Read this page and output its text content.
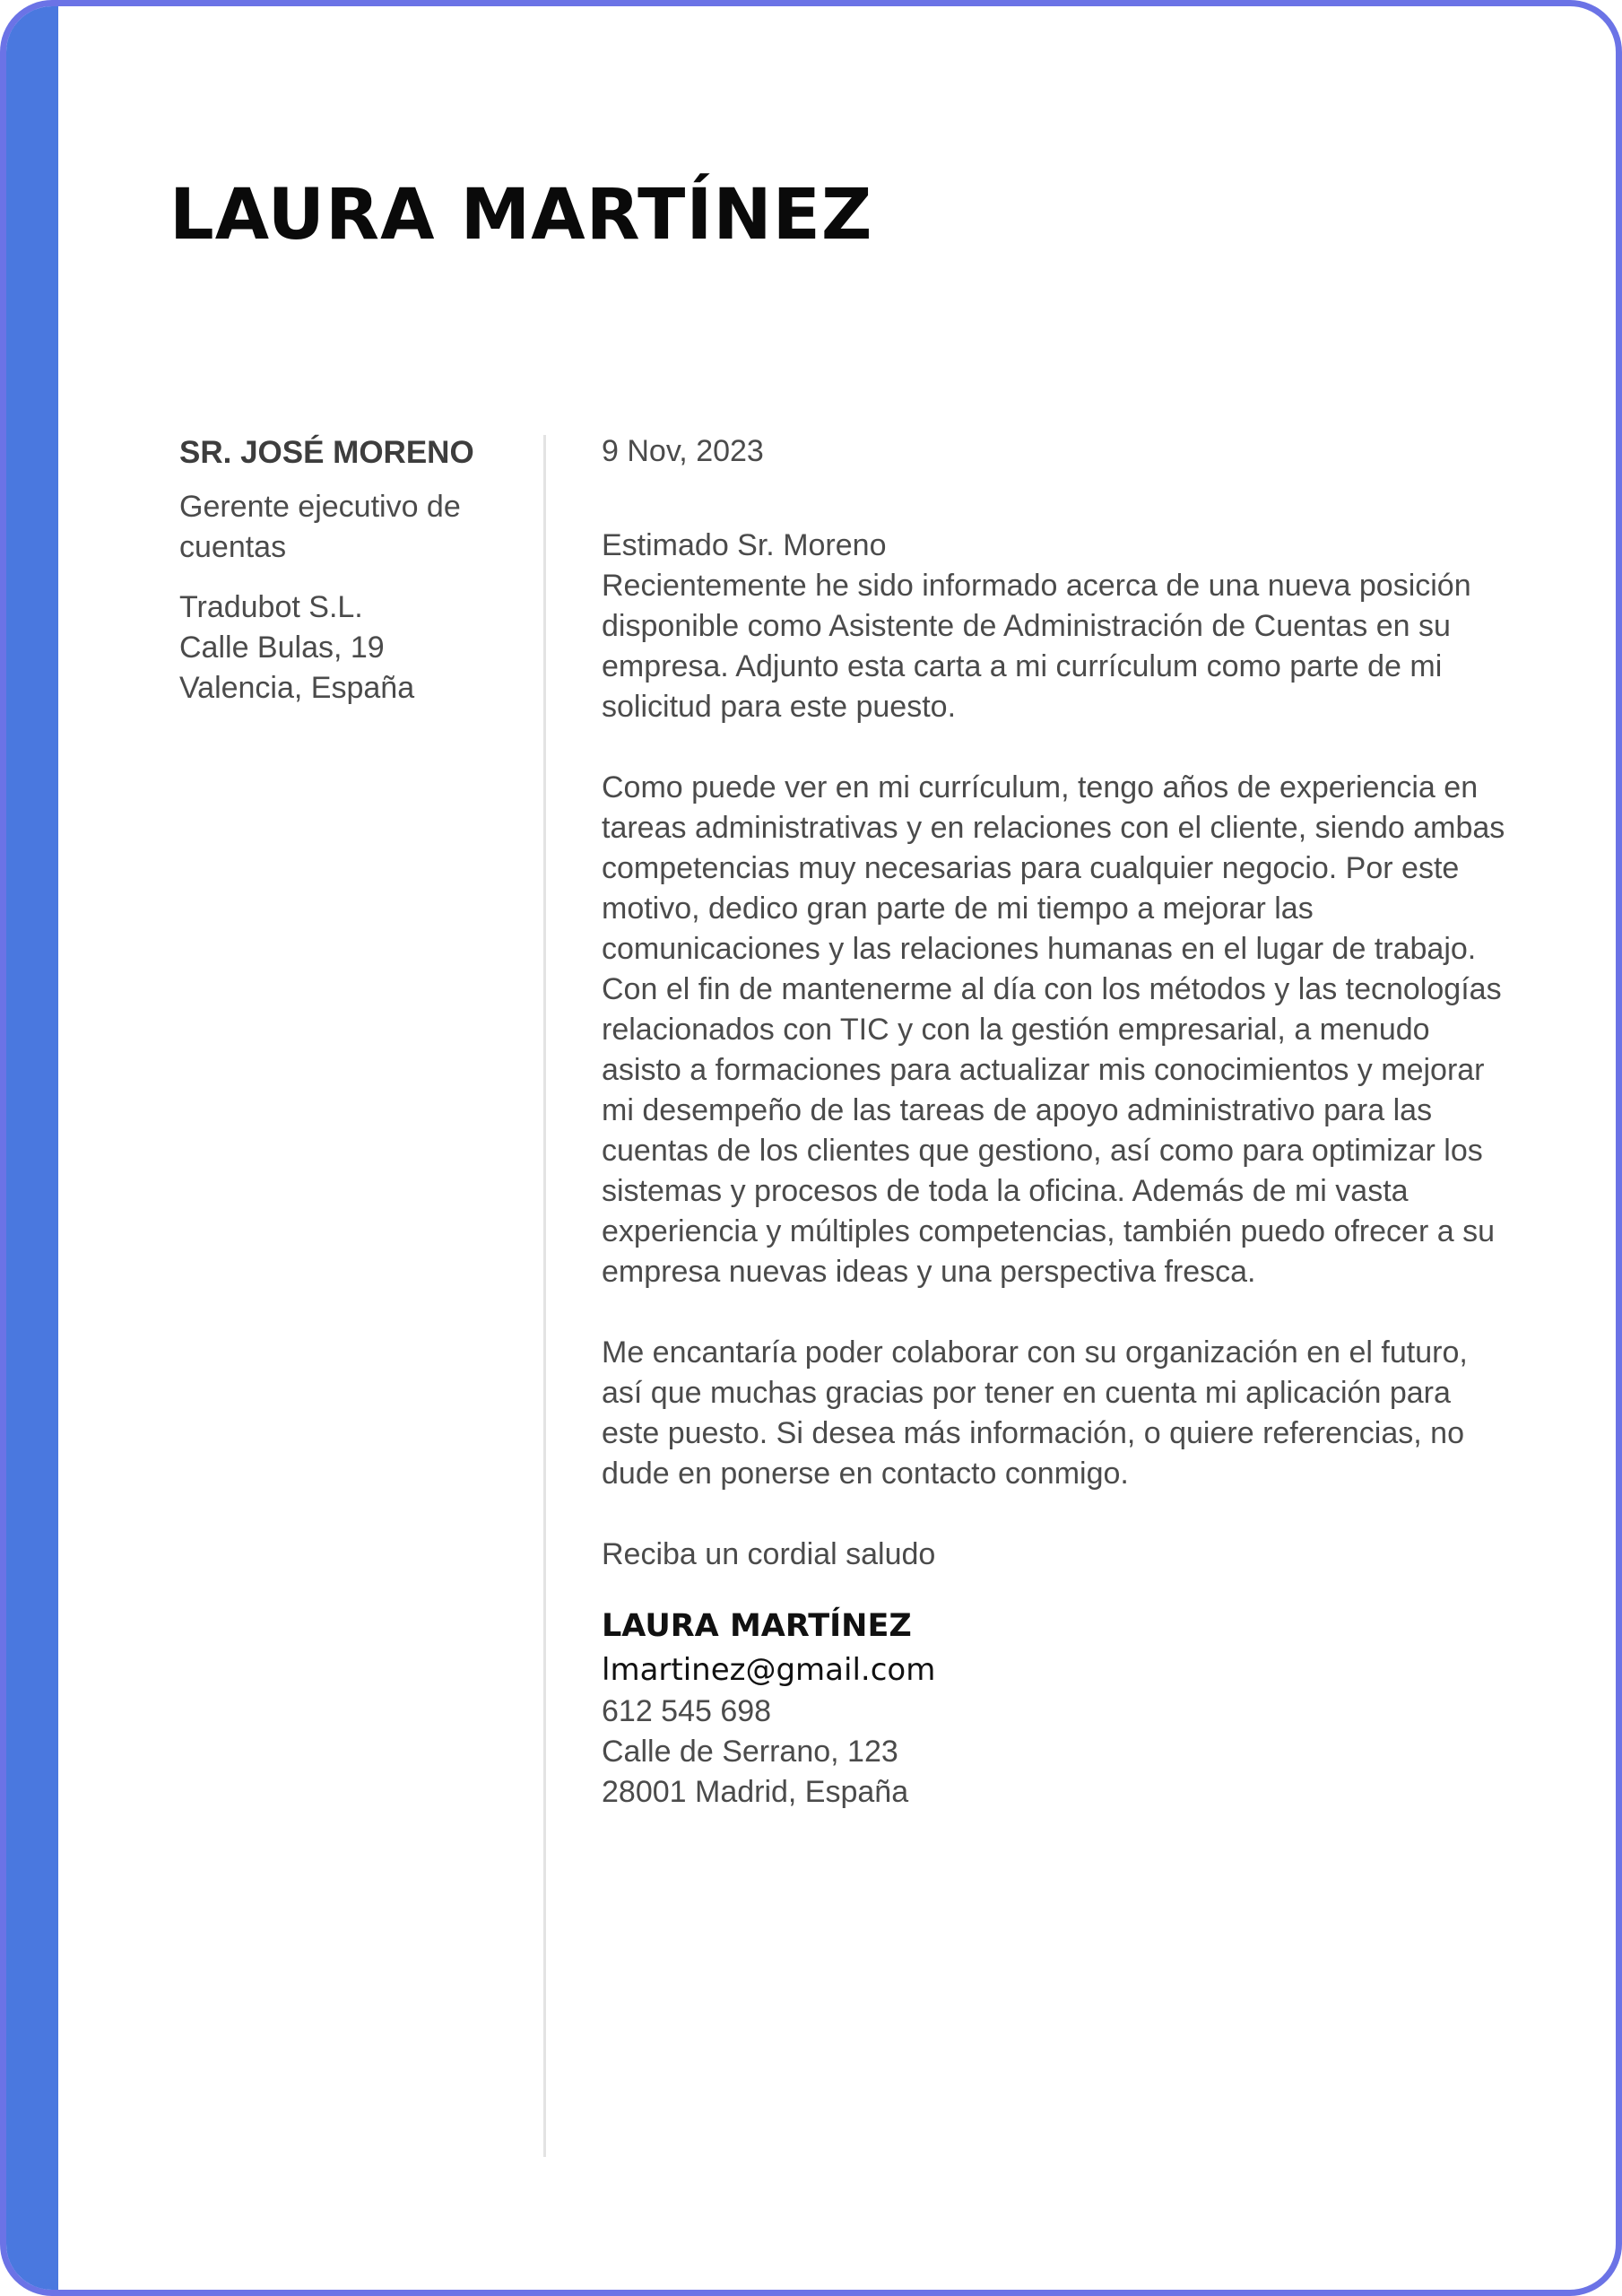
LAURA MARTÍNEZ
SR. JOSÉ MORENO
Gerente ejecutivo de cuentas
Tradubot S.L.
Calle Bulas, 19
Valencia, España

9 Nov, 2023

Estimado Sr. Moreno

Recientemente he sido informado acerca de una nueva posición disponible como Asistente de Administración de Cuentas en su empresa. Adjunto esta carta a mi currículum como parte de mi solicitud para este puesto.

Como puede ver en mi currículum, tengo años de experiencia en tareas administrativas y en relaciones con el cliente, siendo ambas competencias muy necesarias para cualquier negocio. Por este motivo, dedico gran parte de mi tiempo a mejorar las comunicaciones y las relaciones humanas en el lugar de trabajo. Con el fin de mantenerme al día con los métodos y las tecnologías relacionados con TIC y con la gestión empresarial, a menudo asisto a formaciones para actualizar mis conocimientos y mejorar mi desempeño de las tareas de apoyo administrativo para las cuentas de los clientes que gestiono, así como para optimizar los sistemas y procesos de toda la oficina. Además de mi vasta experiencia y múltiples competencias, también puedo ofrecer a su empresa nuevas ideas y una perspectiva fresca.

Me encantaría poder colaborar con su organización en el futuro, así que muchas gracias por tener en cuenta mi aplicación para este puesto. Si desea más información, o quiere referencias, no dude en ponerse en contacto conmigo.

Reciba un cordial saludo

LAURA MARTÍNEZ

lmartinez@gmail.com

612 545 698

Calle de Serrano, 123

28001 Madrid, España
